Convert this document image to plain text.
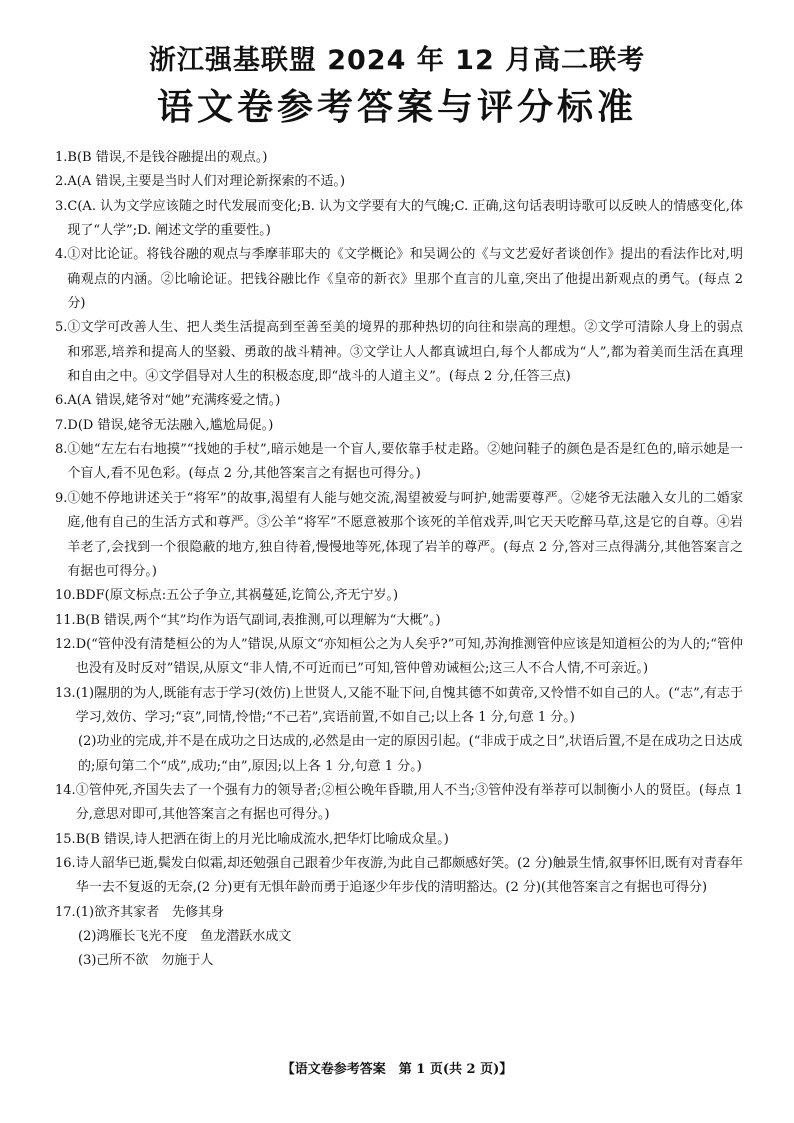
浙江强基联盟 2024 年 12 月高二联考
语文卷参考答案与评分标准
1. B(B 错误,不是钱谷融提出的观点。)
2. A(A 错误,主要是当时人们对理论新探索的不适。)
3. C(A. 认为文学应该随之时代发展而变化;B. 认为文学要有大的气魄;C. 正确,这句话表明诗歌可以反映人的情感变化,体现了“人学”;D. 阐述文学的重要性。)
4. ①对比论证。将钱谷融的观点与季摩菲耶夫的《文学概论》和吴调公的《与文艺爱好者谈创作》提出的看法作比对,明确观点的内涵。②比喻论证。把钱谷融比作《皇帝的新衣》里那个直言的儿童,突出了他提出新观点的勇气。(每点 2 分)
5. ①文学可改善人生、把人类生活提高到至善至美的境界的那种热切的向往和崇高的理想。②文学可清除人身上的弱点和邪恶,培养和提高人的坚毅、勇敢的战斗精神。③文学让人人都真诚坦白,每个人都成为“人”,都为着美而生活在真理和自由之中。④文学倡导对人生的积极态度,即“战斗的人道主义”。(每点 2 分,任答三点)
6. A(A 错误,姥爷对“她”充满疼爱之情。)
7. D(D 错误,姥爷无法融入,尴尬局促。)
8. ①她“左左右右地摸”“找她的手杖”,暗示她是一个盲人,要依靠手杖走路。②她问鞋子的颜色是否是红色的,暗示她是一个盲人,看不见色彩。(每点 2 分,其他答案言之有据也可得分。)
9. ①她不停地讲述关于“将军”的故事,渴望有人能与她交流,渴望被爱与呵护,她需要尊严。②姥爷无法融入女儿的二婚家庭,他有自己的生活方式和尊严。③公羊“将军”不愿意被那个该死的羊倌戏弄,叫它天天吃醉马草,这是它的自尊。④岩羊老了,会找到一个很隐蔽的地方,独自待着,慢慢地等死,体现了岩羊的尊严。(每点 2 分,答对三点得满分,其他答案言之有据也可得分。)
10. BDF(原文标点:五公子争立,其祸蔓延,讫简公,齐无宁岁。)
11. B(B 错误,两个“其”均作为语气副词,表推测,可以理解为“大概”。)
12. D(“管仲没有清楚桓公的为人”错误,从原文“亦知桓公之为人矣乎?”可知,苏洵推测管仲应该是知道桓公的为人的;“管仲也没有及时反对”错误,从原文“非人情,不可近而已”可知,管仲曾劝诫桓公;这三人不合人情,不可亲近。)
13. (1)隰朋的为人,既能有志于学习(效仿)上世贤人,又能不耻下问,自愧其德不如黄帝,又怜惜不如自己的人。(“志”,有志于学习,效仿、学习;“哀”,同情,怜惜;“不己若”,宾语前置,不如自己;以上各 1 分,句意 1 分。)
(2)功业的完成,并不是在成功之日达成的,必然是由一定的原因引起。(“非成于成之日”,状语后置,不是在成功之日达成的;原句第二个“成”,成功;“由”,原因;以上各 1 分,句意 1 分。)
14. ①管仲死,齐国失去了一个强有力的领导者;②桓公晚年昏聩,用人不当;③管仲没有举荐可以制衡小人的贤臣。(每点 1 分,意思对即可,其他答案言之有据也可得分。)
15. B(B 错误,诗人把洒在街上的月光比喻成流水,把华灯比喻成众星。)
16. 诗人韶华已逝,鬓发白似霜,却还勉强自己跟着少年夜游,为此自己都颇感好笑。(2 分)触景生情,叙事怀旧,既有对青春年华一去不复返的无奈,(2 分)更有无惧年龄而勇于追逐少年步伐的清明豁达。(2 分)(其他答案言之有据也可得分)
17. (1)欲齐其家者　先修其身
(2)鸿雁长飞光不度　鱼龙潜跃水成文
(3)己所不欲　勿施于人
【语文卷参考答案　第 1 页(共 2 页)】
